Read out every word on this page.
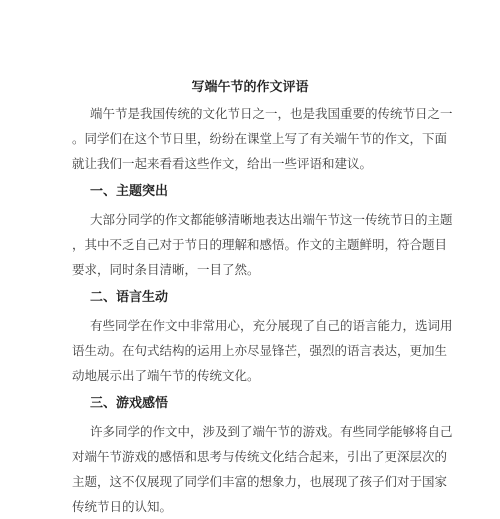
写端午节的作文评语
端午节是我国传统的文化节日之一，也是我国重要的传统节日之一
。同学们在这个节日里，纷纷在课堂上写了有关端午节的作文，下面
就让我们一起来看看这些作文，给出一些评语和建议。
一、主题突出
大部分同学的作文都能够清晰地表达出端午节这一传统节日的主题
，其中不乏自己对于节日的理解和感悟。作文的主题鲜明，符合题目
要求，同时条目清晰，一目了然。
二、语言生动
有些同学在作文中非常用心，充分展现了自己的语言能力，选词用
语生动。在句式结构的运用上亦尽显锋芒，强烈的语言表达，更加生
动地展示出了端午节的传统文化。
三、游戏感悟
许多同学的作文中，涉及到了端午节的游戏。有些同学能够将自己
对端午节游戏的感悟和思考与传统文化结合起来，引出了更深层次的
主题，这不仅展现了同学们丰富的想象力，也展现了孩子们对于国家
传统节日的认知。
